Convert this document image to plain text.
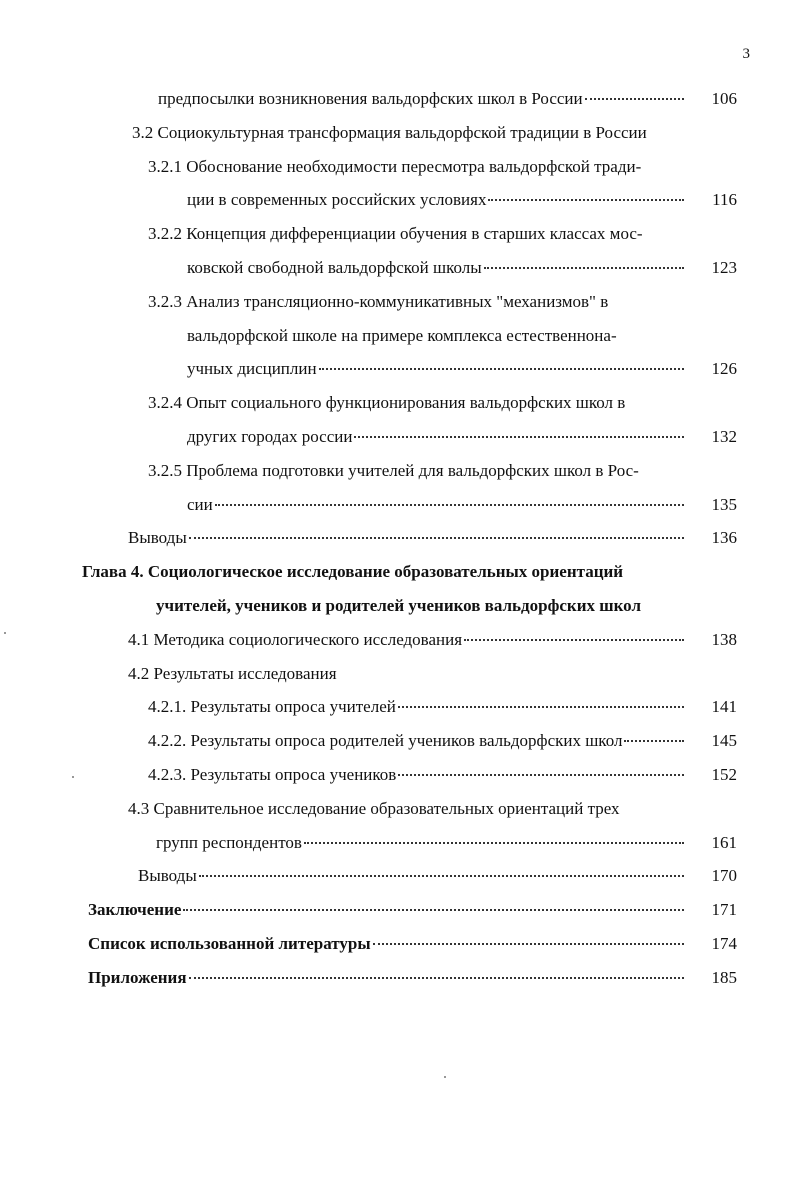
3
предпосылки возникновения вальдорфских школ в России	106
3.2 Социокультурная трансформация вальдорфской традиции в России
3.2.1 Обоснование необходимости пересмотра вальдорфской тради-
ции в современных российских условиях	116
3.2.2 Концепция дифференциации обучения в старших классах мос-
ковской свободной вальдорфской школы	123
3.2.3 Анализ трансляционно-коммуникативных "механизмов" в
вальдорфской школе на примере комплекса естественнона-
учных дисциплин	126
3.2.4 Опыт социального функционирования вальдорфских школ в
других городах россии	132
3.2.5 Проблема подготовки учителей для вальдорфских школ в Рос-
сии	135
Выводы	136
Глава 4. Социологическое исследование образовательных ориентаций
учителей, учеников и родителей учеников вальдорфских школ
4.1 Методика социологического исследования	138
4.2 Результаты исследования
4.2.1. Результаты опроса учителей	141
4.2.2. Результаты опроса родителей учеников вальдорфских школ	145
4.2.3. Результаты опроса учеников	152
4.3 Сравнительное исследование образовательных ориентаций трех
групп респондентов	161
Выводы	170
Заключение	171
Список использованной литературы	174
Приложения	185
